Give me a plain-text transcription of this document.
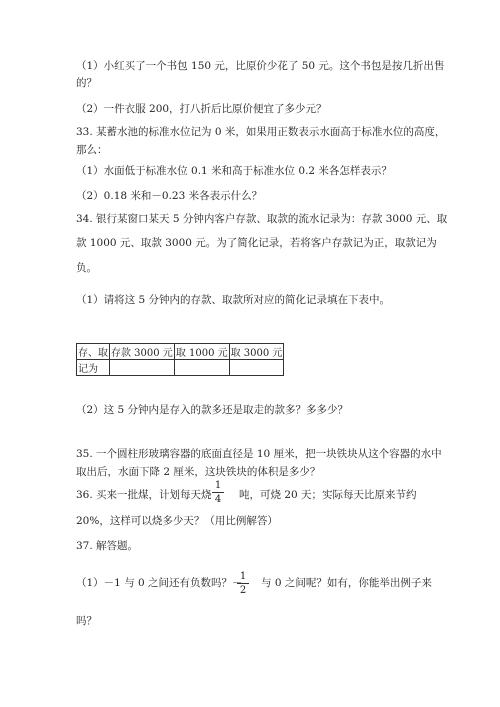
（1）小红买了一个书包 150 元，比原价少花了 50 元。这个书包是按几折出售
的？
（2）一件衣服 200，打八折后比原价便宜了多少元？
33. 某蓄水池的标准水位记为 0 米，如果用正数表示水面高于标准水位的高度，
那么：
（1）水面低于标准水位 0.1 米和高于标准水位 0.2 米各怎样表示？
（2）0.18 米和－0.23 米各表示什么？
34. 银行某窗口某天 5 分钟内客户存款、取款的流水记录为：存款 3000 元、取
款 1000 元、取款 3000 元。为了简化记录，若将客户存款记为正，取款记为
负。
（1）请将这 5 分钟内的存款、取款所对应的简化记录填在下表中。
存、取	存款 3000 元	取 1000 元	取 3000 元
记为			
（2）这 5 分钟内是存入的款多还是取走的款多？多多少？
35. 一个圆柱形玻璃容器的底面直径是 10 厘米，把一块铁块从这个容器的水中
取出后，水面下降 2 厘米，这块铁块的体积是多少？
36. 买来一批煤，计划每天烧
1
4 吨，可烧 20 天；实际每天比原来节约
20%，这样可以烧多少天？（用比例解答）
37. 解答题。
（1）－1 与 0 之间还有负数吗？－
1
2
与 0 之间呢？如有，你能举出例子来
吗？
